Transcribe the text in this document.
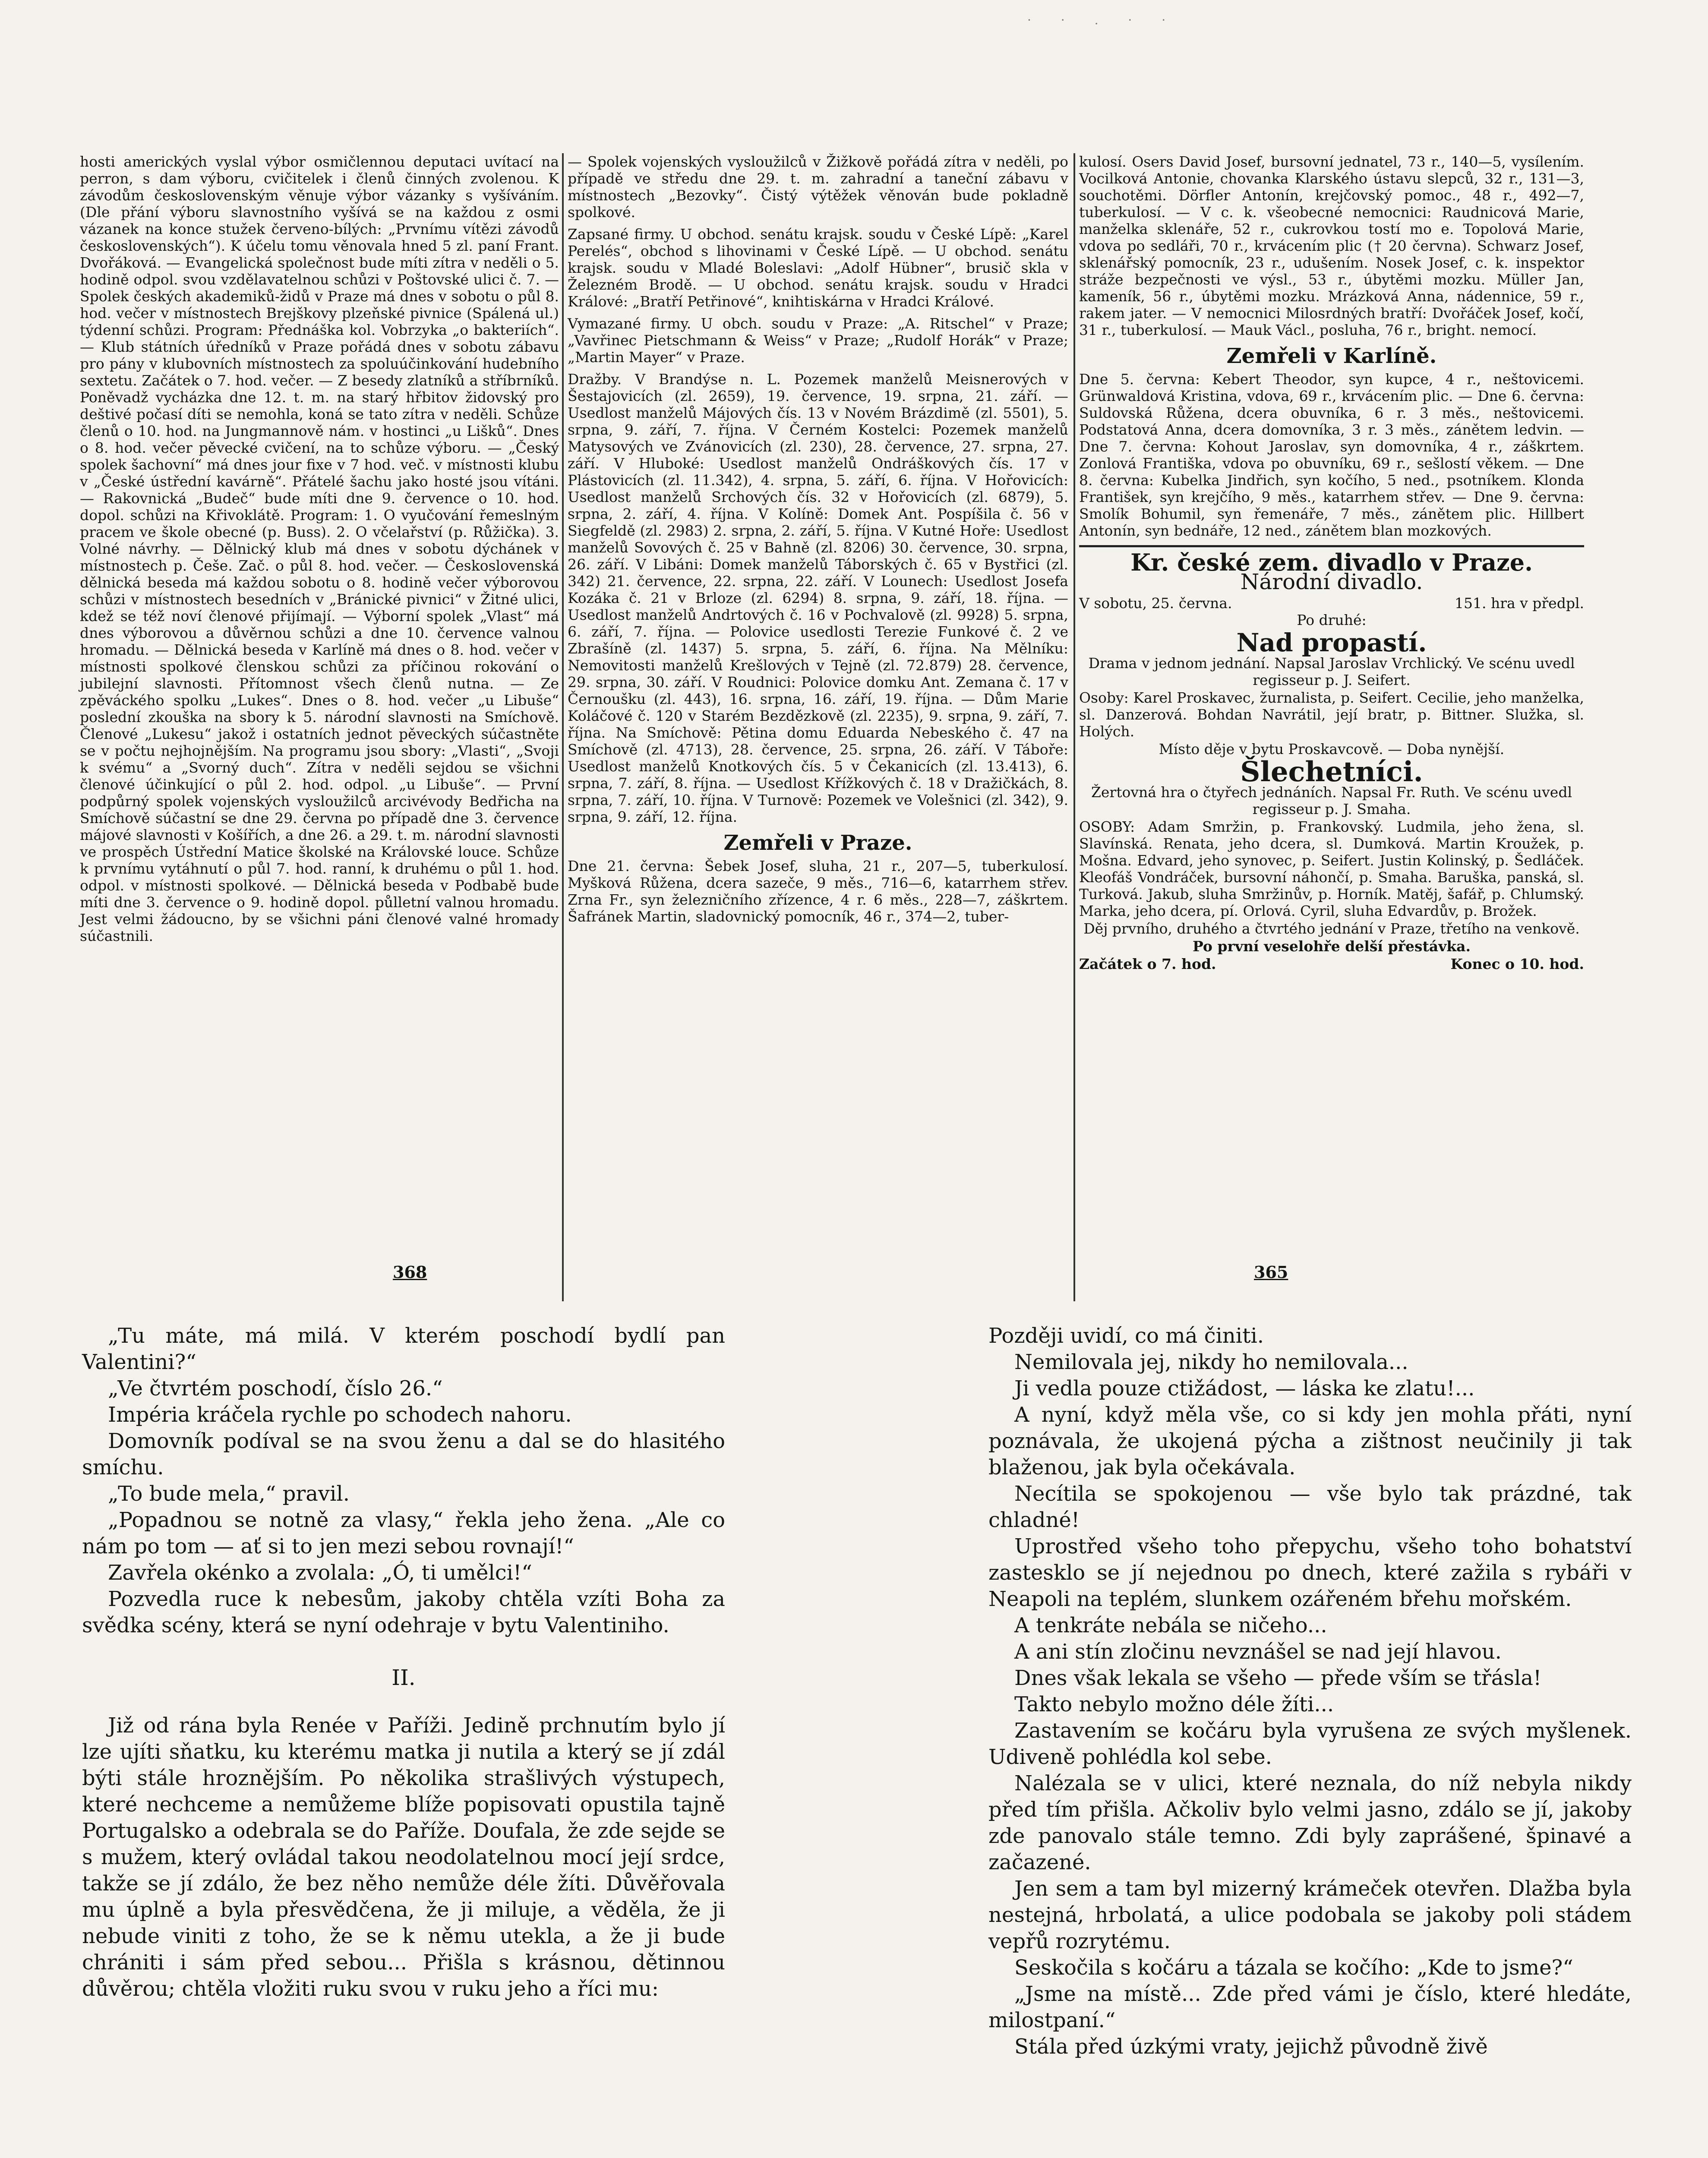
· · . · ·

hosti amerických vyslal výbor osmičlennou deputaci uvítací na perron, s dam výboru, cvičitelek i členů činných zvolenou. K závodům československým věnuje výbor vázanky s vyšíváním. (Dle přání výboru slavnostního vyšívá se na každou z osmi vázanek na konce stužek červeno-bílých: „Prvnímu vítězi závodů československých“). K účelu tomu věnovala hned 5 zl. paní Frant. Dvořáková. — Evangelická společnost bude míti zítra v neděli o 5. hodině odpol. svou vzdělavatelnou schůzi v Poštovské ulici č. 7. — Spolek českých akademiků-židů v Praze má dnes v sobotu o půl 8. hod. večer v místnostech Brejškovy plzeňské pivnice (Spálená ul.) týdenní schůzi. Program: Přednáška kol. Vobrzyka „o bakteriích“. — Klub státních úředníků v Praze pořádá dnes v sobotu zábavu pro pány v klubovních místnostech za spoluúčinkování hudebního sextetu. Začátek o 7. hod. večer. — Z besedy zlatníků a stříbrníků. Poněvadž vycházka dne 12. t. m. na starý hřbitov židovský pro deštivé počasí díti se nemohla, koná se tato zítra v neděli. Schůze členů o 10. hod. na Jungmannově nám. v hostinci „u Lišků“. Dnes o 8. hod. večer pěvecké cvičení, na to schůze výboru. — „Český spolek šachovní“ má dnes jour fixe v 7 hod. več. v místnosti klubu v „České ústřední kavárně“. Přátelé šachu jako hosté jsou vítáni. — Rakovnická „Budeč“ bude míti dne 9. července o 10. hod. dopol. schůzi na Křivoklátě. Program: 1. O vyučování řemeslným pracem ve škole obecné (p. Buss). 2. O včelařství (p. Růžička). 3. Volné návrhy. — Dělnický klub má dnes v sobotu dýchánek v místnostech p. Češe. Zač. o půl 8. hod. večer. — Československá dělnická beseda má každou sobotu o 8. hodině večer výborovou schůzi v místnostech besedních v „Bránické pivnici“ v Žitné ulici, kdež se též noví členové přijímají. — Výborní spolek „Vlast“ má dnes výborovou a důvěrnou schůzi a dne 10. července valnou hromadu. — Dělnická beseda v Karlíně má dnes o 8. hod. večer v místnosti spolkové členskou schůzi za příčinou rokování o jubilejní slavnosti. Přítomnost všech členů nutna. — Ze zpěváckého spolku „Lukes“. Dnes o 8. hod. večer „u Libuše“ poslední zkouška na sbory k 5. národní slavnosti na Smíchově. Členové „Lukesu“ jakož i ostatních jednot pěveckých súčastněte se v počtu nejhojnějším. Na programu jsou sbory: „Vlasti“, „Svoji k svému“ a „Svorný duch“. Zítra v neděli sejdou se všichni členové účinkující o půl 2. hod. odpol. „u Libuše“. — První podpůrný spolek vojenských vysloužilců arcivévody Bedřicha na Smíchově súčastní se dne 29. června po případě dne 3. července májové slavnosti v Košířích, a dne 26. a 29. t. m. národní slavnosti ve prospěch Ústřední Matice školské na Královské louce. Schůze k prvnímu vytáhnutí o půl 7. hod. ranní, k druhému o půl 1. hod. odpol. v místnosti spolkové. — Dělnická beseda v Podbabě bude míti dne 3. července o 9. hodině dopol. půlletní valnou hromadu. Jest velmi žádoucno, by se všichni páni členové valné hromady súčastnili.

— Spolek vojenských vysloužilců v Žižkově pořádá zítra v neděli, po případě ve středu dne 29. t. m. zahradní a taneční zábavu v místnostech „Bezovky“. Čistý výtěžek věnován bude pokladně spolkové.

Zapsané firmy. U obchod. senátu krajsk. soudu v České Lípě: „Karel Perelés“, obchod s lihovinami v České Lípě. — U obchod. senátu krajsk. soudu v Mladé Boleslavi: „Adolf Hübner“, brusič skla v Železném Brodě. — U obchod. senátu krajsk. soudu v Hradci Králové: „Bratří Petřinové“, knihtiskárna v Hradci Králové.

Vymazané firmy. U obch. soudu v Praze: „A. Ritschel“ v Praze; „Vavřinec Pietschmann & Weiss“ v Praze; „Rudolf Horák“ v Praze; „Martin Mayer“ v Praze.

Dražby. V Brandýse n. L. Pozemek manželů Meisnerových v Šestajovicích (zl. 2659), 19. července, 19. srpna, 21. září. — Usedlost manželů Májových čís. 13 v Novém Brázdimě (zl. 5501), 5. srpna, 9. září, 7. října. V Černém Kostelci: Pozemek manželů Matysových ve Zvánovicích (zl. 230), 28. července, 27. srpna, 27. září. V Hluboké: Usedlost manželů Ondráškových čís. 17 v Plástovicích (zl. 11.342), 4. srpna, 5. září, 6. října. V Hořovicích: Usedlost manželů Srchových čís. 32 v Hořovicích (zl. 6879), 5. srpna, 2. září, 4. října. V Kolíně: Domek Ant. Pospíšila č. 56 v Siegfeldě (zl. 2983) 2. srpna, 2. září, 5. října. V Kutné Hoře: Usedlost manželů Sovových č. 25 v Bahně (zl. 8206) 30. července, 30. srpna, 26. září. V Libáni: Domek manželů Táborských č. 65 v Bystřici (zl. 342) 21. července, 22. srpna, 22. září. V Lounech: Usedlost Josefa Kozáka č. 21 v Brloze (zl. 6294) 8. srpna, 9. září, 18. října. — Usedlost manželů Andrtových č. 16 v Pochvalově (zl. 9928) 5. srpna, 6. září, 7. října. — Polovice usedlosti Terezie Funkové č. 2 ve Zbrašíně (zl. 1437) 5. srpna, 5. září, 6. října. Na Mělníku: Nemovitosti manželů Krešlových v Tejně (zl. 72.879) 28. července, 29. srpna, 30. září. V Roudnici: Polovice domku Ant. Zemana č. 17 v Černoušku (zl. 443), 16. srpna, 16. září, 19. října. — Dům Marie Koláčové č. 120 v Starém Bezdězkově (zl. 2235), 9. srpna, 9. září, 7. října. Na Smíchově: Pětina domu Eduarda Nebeského č. 47 na Smíchově (zl. 4713), 28. července, 25. srpna, 26. září. V Táboře: Usedlost manželů Knotkových čís. 5 v Čekanicích (zl. 13.413), 6. srpna, 7. září, 8. října. — Usedlost Křížkových č. 18 v Dražičkách, 8. srpna, 7. září, 10. října. V Turnově: Pozemek ve Volešnici (zl. 342), 9. srpna, 9. září, 12. října.

Zemřeli v Praze.

Dne 21. června: Šebek Josef, sluha, 21 r., 207—5, tuberkulosí. Myšková Růžena, dcera sazeče, 9 měs., 716—6, katarrhem střev. Zrna Fr., syn železničního zřízence, 4 r. 6 měs., 228—7, záškrtem. Šafránek Martin, sladovnický pomocník, 46 r., 374—2, tuber-

kulosí. Osers David Josef, bursovní jednatel, 73 r., 140—5, vysílením. Vocilková Antonie, chovanka Klarského ústavu slepců, 32 r., 131—3, souchotěmi. Dörfler Antonín, krejčovský pomoc., 48 r., 492—7, tuberkulosí. — V c. k. všeobecné nemocnici: Raudnicová Marie, manželka sklenáře, 52 r., cukrovkou tostí mo e. Topolová Marie, vdova po sedláři, 70 r., krvácením plic († 20 června). Schwarz Josef, sklenářský pomocník, 23 r., udušením. Nosek Josef, c. k. inspektor stráže bezpečnosti ve výsl., 53 r., úbytěmi mozku. Müller Jan, kameník, 56 r., úbytěmi mozku. Mrázková Anna, nádennice, 59 r., rakem jater. — V nemocnici Milosrdných bratří: Dvořáček Josef, kočí, 31 r., tuberkulosí. — Mauk Václ., posluha, 76 r., bright. nemocí.

Zemřeli v Karlíně.

Dne 5. června: Kebert Theodor, syn kupce, 4 r., neštovicemi. Grünwaldová Kristina, vdova, 69 r., krvácením plic. — Dne 6. června: Suldovská Růžena, dcera obuvníka, 6 r. 3 měs., neštovicemi. Podstatová Anna, dcera domovníka, 3 r. 3 měs., zánětem ledvin. — Dne 7. června: Kohout Jaroslav, syn domovníka, 4 r., záškrtem. Zonlová Františka, vdova po obuvníku, 69 r., sešlostí věkem. — Dne 8. června: Kubelka Jindřich, syn kočího, 5 ned., psotníkem. Klonda František, syn krejčího, 9 měs., katarrhem střev. — Dne 9. června: Smolík Bohumil, syn řemenáře, 7 měs., zánětem plic. Hillbert Antonín, syn bednáře, 12 ned., zánětem blan mozkových.

Kr. české zem. divadlo v Praze.
Národní divadlo.
V sobotu, 25. června.	151. hra v předpl.
Po druhé:
Nad propastí.

Drama v jednom jednání. Napsal Jaroslav Vrchlický. Ve scénu uvedl regisseur p. J. Seifert.

Osoby: Karel Proskavec, žurnalista, p. Seifert. Cecilie, jeho manželka, sl. Danzerová. Bohdan Navrátil, její bratr, p. Bittner. Služka, sl. Holých.

Místo děje v bytu Proskavcově. — Doba nynější.

Šlechetníci.

Žertovná hra o čtyřech jednáních. Napsal Fr. Ruth. Ve scénu uvedl regisseur p. J. Smaha.

OSOBY: Adam Smržin, p. Frankovský. Ludmila, jeho žena, sl. Slavínská. Renata, jeho dcera, sl. Dumková. Martin Kroužek, p. Mošna. Edvard, jeho synovec, p. Seifert. Justin Kolinský, p. Šedláček. Kleofáš Vondráček, bursovní náhončí, p. Smaha. Baruška, panská, sl. Turková. Jakub, sluha Smržinův, p. Horník. Matěj, šafář, p. Chlumský. Marka, jeho dcera, pí. Orlová. Cyril, sluha Edvardův, p. Brožek.

Děj prvního, druhého a čtvrtého jednání v Praze, třetího na venkově.

Po první veselohře delší přestávka.

Začátek o 7. hod.	Konec o 10. hod.
368	365

„Tu máte, má milá. V kterém poschodí bydlí pan Valentini?“

„Ve čtvrtém poschodí, číslo 26.“

Impéria kráčela rychle po schodech nahoru.

Domovník podíval se na svou ženu a dal se do hlasitého smíchu.

„To bude mela,“ pravil.

„Popadnou se notně za vlasy,“ řekla jeho žena. „Ale co nám po tom — ať si to jen mezi sebou rovnají!“

Zavřela okénko a zvolala: „Ó, ti umělci!“

Pozvedla ruce k nebesům, jakoby chtěla vzíti Boha za svědka scény, která se nyní odehraje v bytu Valentiniho.

II.

Již od rána byla Renée v Paříži. Jedině prchnutím bylo jí lze ujíti sňatku, ku kterému matka ji nutila a který se jí zdál býti stále hroznějším. Po několika strašlivých výstupech, které nechceme a nemůžeme blíže popisovati opustila tajně Portugalsko a odebrala se do Paříže. Doufala, že zde sejde se s mužem, který ovládal takou neodolatelnou mocí její srdce, takže se jí zdálo, že bez něho nemůže déle žíti. Důvěřovala mu úplně a byla přesvědčena, že ji miluje, a věděla, že ji nebude viniti z toho, že se k němu utekla, a že ji bude chrániti i sám před sebou... Přišla s krásnou, dětinnou důvěrou; chtěla vložiti ruku svou v ruku jeho a říci mu:

Později uvidí, co má činiti.

Nemilovala jej, nikdy ho nemilovala...

Ji vedla pouze ctižádost, — láska ke zlatu!...

A nyní, když měla vše, co si kdy jen mohla přáti, nyní poznávala, že ukojená pýcha a zištnost neučinily ji tak blaženou, jak byla očekávala.

Necítila se spokojenou — vše bylo tak prázdné, tak chladné!

Uprostřed všeho toho přepychu, všeho toho bohatství zastesklo se jí nejednou po dnech, které zažila s rybáři v Neapoli na teplém, slunkem ozářeném břehu mořském.

A tenkráte nebála se ničeho...

A ani stín zločinu nevznášel se nad její hlavou.

Dnes však lekala se všeho — přede vším se třásla!

Takto nebylo možno déle žíti...

Zastavením se kočáru byla vyrušena ze svých myšlenek. Udiveně pohlédla kol sebe.

Nalézala se v ulici, které neznala, do níž nebyla nikdy před tím přišla. Ačkoliv bylo velmi jasno, zdálo se jí, jakoby zde panovalo stále temno. Zdi byly zaprášené, špinavé a začazené.

Jen sem a tam byl mizerný krámeček otevřen. Dlažba byla nestejná, hrbolatá, a ulice podobala se jakoby poli stádem vepřů rozrytému.

Seskočila s kočáru a tázala se kočího: „Kde to jsme?“

„Jsme na místě... Zde před vámi je číslo, které hledáte, milostpaní.“

Stála před úzkými vraty, jejichž původně živě
